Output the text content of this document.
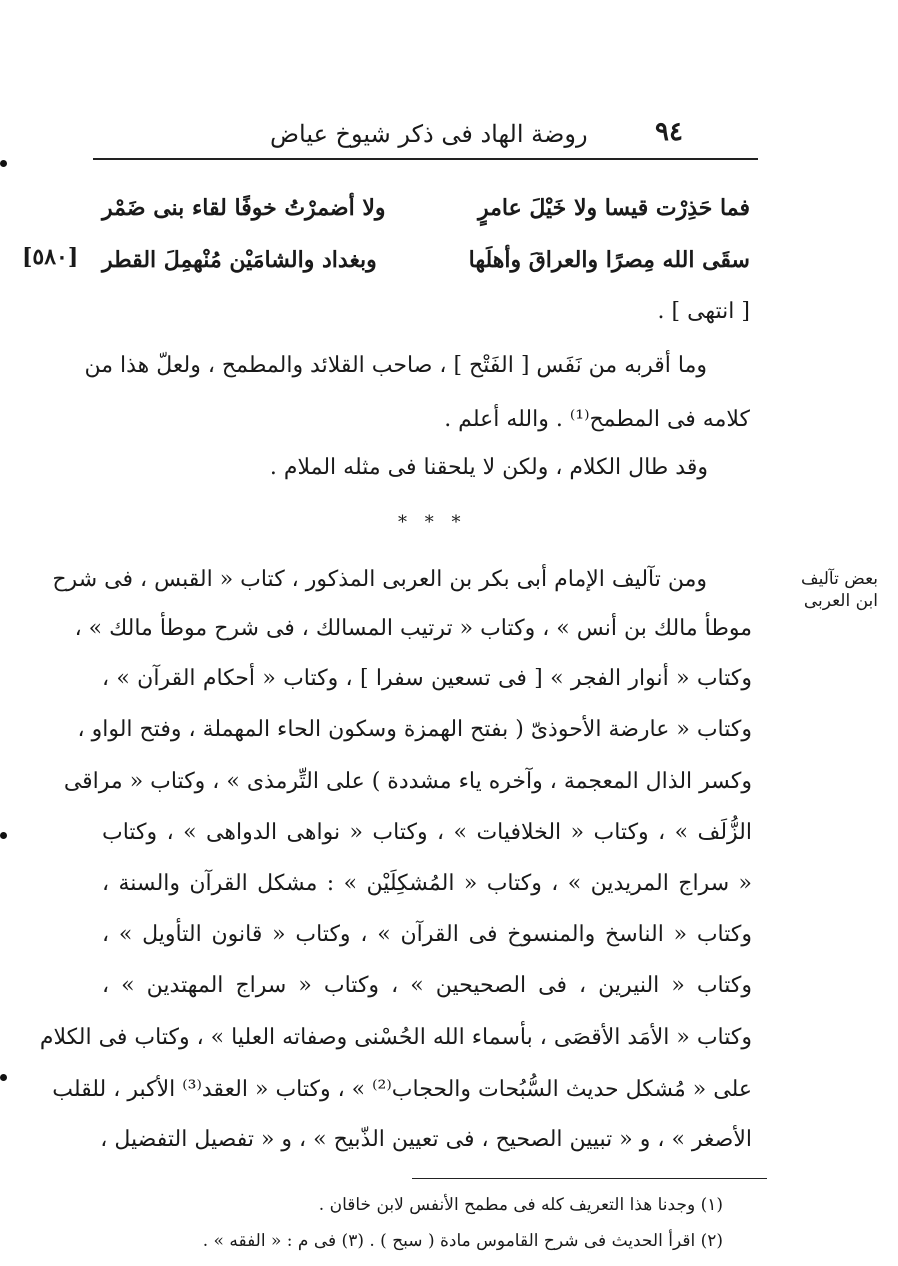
٩٤
روضة الهاد فى ذكر شيوخ عياض
فما حَذِرْت قيسا ولا خَيْلَ عامرٍ
ولا أضمرْتُ خوفًا لقاء بنى ضَمْر
سقَى الله مِصرًا والعراقَ وأهلَها
وبغداد والشامَيْن مُنْهمِلَ القطر
[٥٨٠]
[ انتهى ] .
وما أقربه من نَفَس [ الفَتْح ] ، صاحب القلائد والمطمح ، ولعلّ هذا من
كلامه فى المطمح⁽¹⁾ . والله أعلم .
وقد طال الكلام ، ولكن لا يلحقنا فى مثله الملام .
* * *
بعض تآليف
ابن العربى
ومن تآليف الإمام أبى بكر بن العربى المذكور ، كتاب « القبس ، فى شرح
موطأ مالك بن أنس » ، وكتاب « ترتيب المسالك ، فى شرح موطأ مالك » ،
وكتاب « أنوار الفجر » [ فى تسعين سفرا ] ، وكتاب « أحكام القرآن » ،
وكتاب « عارضة الأحوذىّ ( بفتح الهمزة وسكون الحاء المهملة ، وفتح الواو ،
وكسر الذال المعجمة ، وآخره ياء مشددة ) على التِّرمذى » ، وكتاب « مراقى
الزُّلَف » ، وكتاب « الخلافيات » ، وكتاب « نواهى الدواهى » ، وكتاب
« سراج المريدين » ، وكتاب « المُشكِلَيْن » : مشكل القرآن والسنة ،
وكتاب « الناسخ والمنسوخ فى القرآن » ، وكتاب « قانون التأويل » ،
وكتاب « النيرين ، فى الصحيحين » ، وكتاب « سراج المهتدين » ،
وكتاب « الأمَد الأقصَى ، بأسماء الله الحُسْنى وصفاته العليا » ، وكتاب فى الكلام
على « مُشكل حديث السُّبُحات والحجاب⁽²⁾ » ، وكتاب « العقد⁽³⁾ الأكبر ، للقلب
الأصغر » ، و « تبيين الصحيح ، فى تعيين الذّبيح » ، و « تفصيل التفضيل ،
(١) وجدنا هذا التعريف كله فى مطمح الأنفس لابن خاقان .
(٢) اقرأ الحديث فى شرح القاموس مادة ( سبح ) . (٣) فى م : « الفقه » .
